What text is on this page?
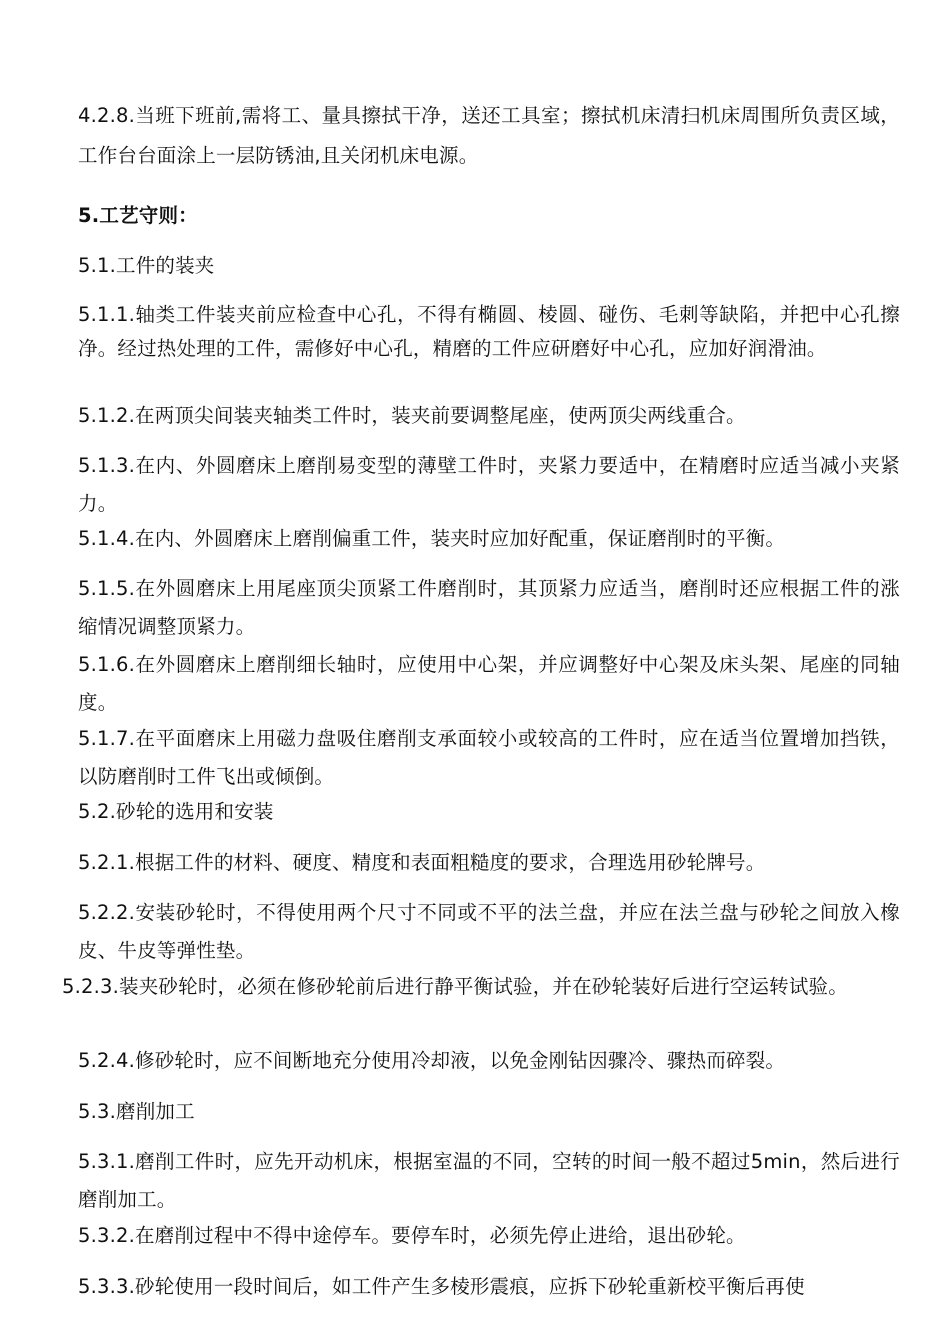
4.2.8.当班下班前,需将工、量具擦拭干净，送还工具室；擦拭机床清扫机床周围所负责区域，工作台台面涂上一层防锈油,且关闭机床电源。
5.工艺守则：
5.1.工件的装夹
5.1.1.轴类工件装夹前应检查中心孔，不得有椭圆、棱圆、碰伤、毛刺等缺陷，并把中心孔擦净。经过热处理的工件，需修好中心孔，精磨的工件应研磨好中心孔，应加好润滑油。
5.1.2.在两顶尖间装夹轴类工件时，装夹前要调整尾座，使两顶尖两线重合。
5.1.3.在内、外圆磨床上磨削易变型的薄壁工件时，夹紧力要适中，在精磨时应适当减小夹紧力。
5.1.4.在内、外圆磨床上磨削偏重工件，装夹时应加好配重，保证磨削时的平衡。
5.1.5.在外圆磨床上用尾座顶尖顶紧工件磨削时，其顶紧力应适当，磨削时还应根据工件的涨缩情况调整顶紧力。
5.1.6.在外圆磨床上磨削细长轴时，应使用中心架，并应调整好中心架及床头架、尾座的同轴度。
5.1.7.在平面磨床上用磁力盘吸住磨削支承面较小或较高的工件时，应在适当位置增加挡铁，以防磨削时工件飞出或倾倒。
5.2.砂轮的选用和安装
5.2.1.根据工件的材料、硬度、精度和表面粗糙度的要求，合理选用砂轮牌号。
5.2.2.安装砂轮时，不得使用两个尺寸不同或不平的法兰盘，并应在法兰盘与砂轮之间放入橡皮、牛皮等弹性垫。
5.2.3.装夹砂轮时，必须在修砂轮前后进行静平衡试验，并在砂轮装好后进行空运转试验。
5.2.4.修砂轮时，应不间断地充分使用冷却液，以免金刚钻因骤冷、骤热而碎裂。
5.3.磨削加工
5.3.1.磨削工件时，应先开动机床，根据室温的不同，空转的时间一般不超过5min，然后进行磨削加工。
5.3.2.在磨削过程中不得中途停车。要停车时，必须先停止进给，退出砂轮。
5.3.3.砂轮使用一段时间后，如工件产生多棱形震痕，应拆下砂轮重新校平衡后再使
